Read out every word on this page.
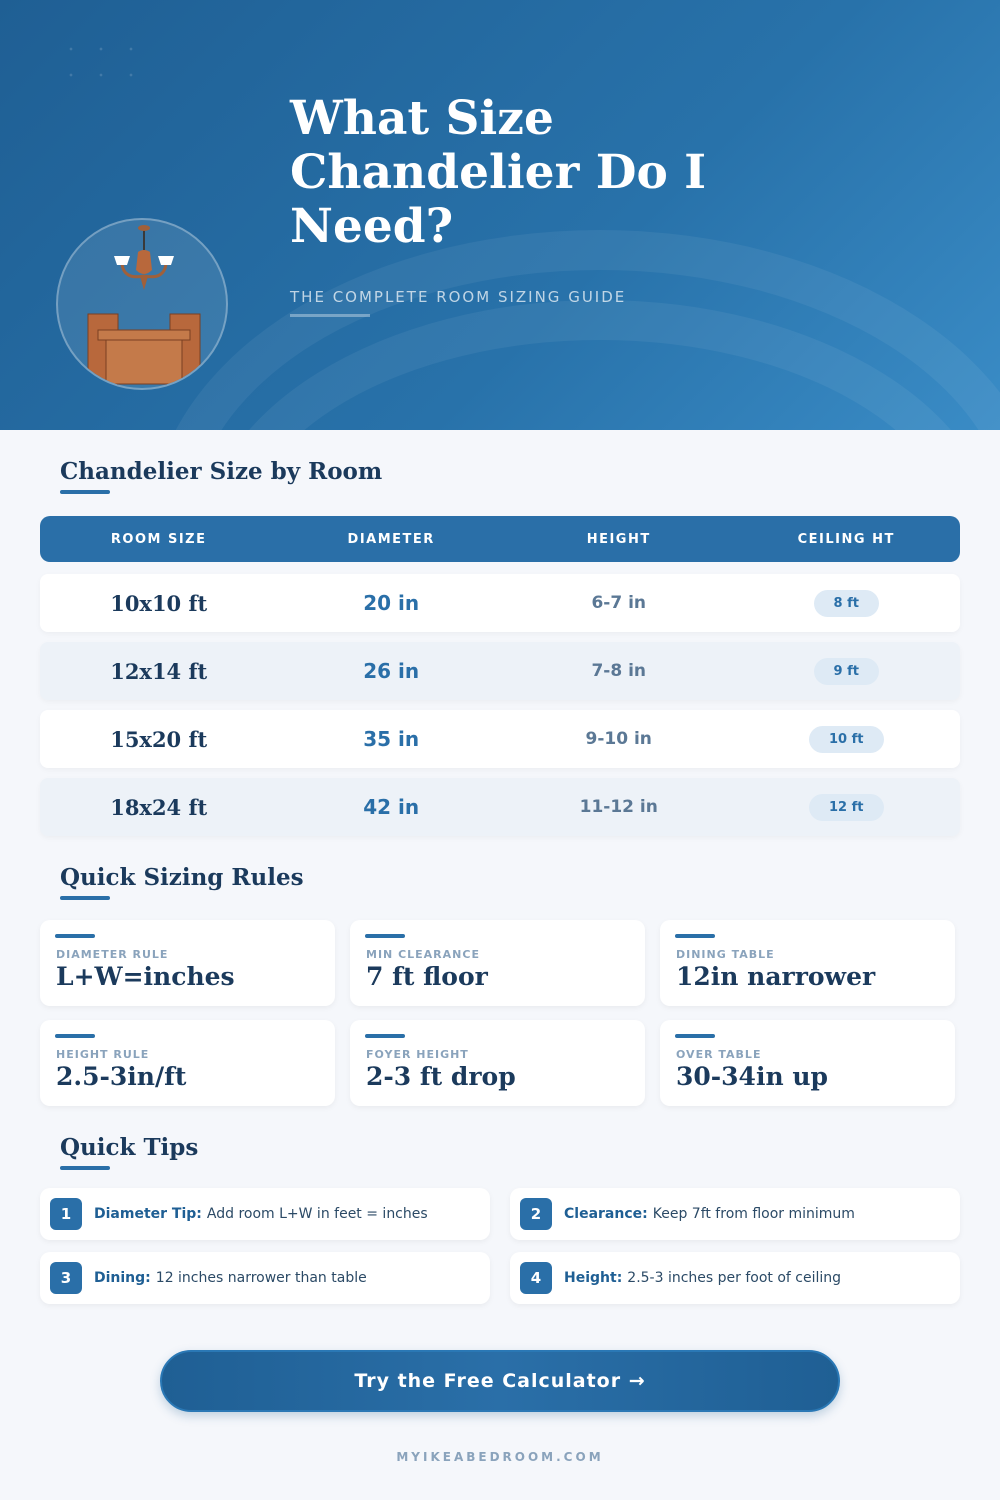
What Size Chandelier Do I Need?
THE COMPLETE ROOM SIZING GUIDE
Chandelier Size by Room
ROOM SIZE	DIAMETER	HEIGHT	CEILING HT
10x10 ft	20 in	6-7 in	8 ft
12x14 ft	26 in	7-8 in	9 ft
15x20 ft	35 in	9-10 in	10 ft
18x24 ft	42 in	11-12 in	12 ft
Quick Sizing Rules
DIAMETER RULE
L+W=inches
MIN CLEARANCE
7 ft floor
DINING TABLE
12in narrower
HEIGHT RULE
2.5-3in/ft
FOYER HEIGHT
2-3 ft drop
OVER TABLE
30-34in up
Quick Tips
1	Diameter Tip: Add room L+W in feet = inches	2	Clearance: Keep 7ft from floor minimum
3	Dining: 12 inches narrower than table	4	Height: 2.5-3 inches per foot of ceiling
Try the Free Calculator →
MYIKEABEDROOM.COM
